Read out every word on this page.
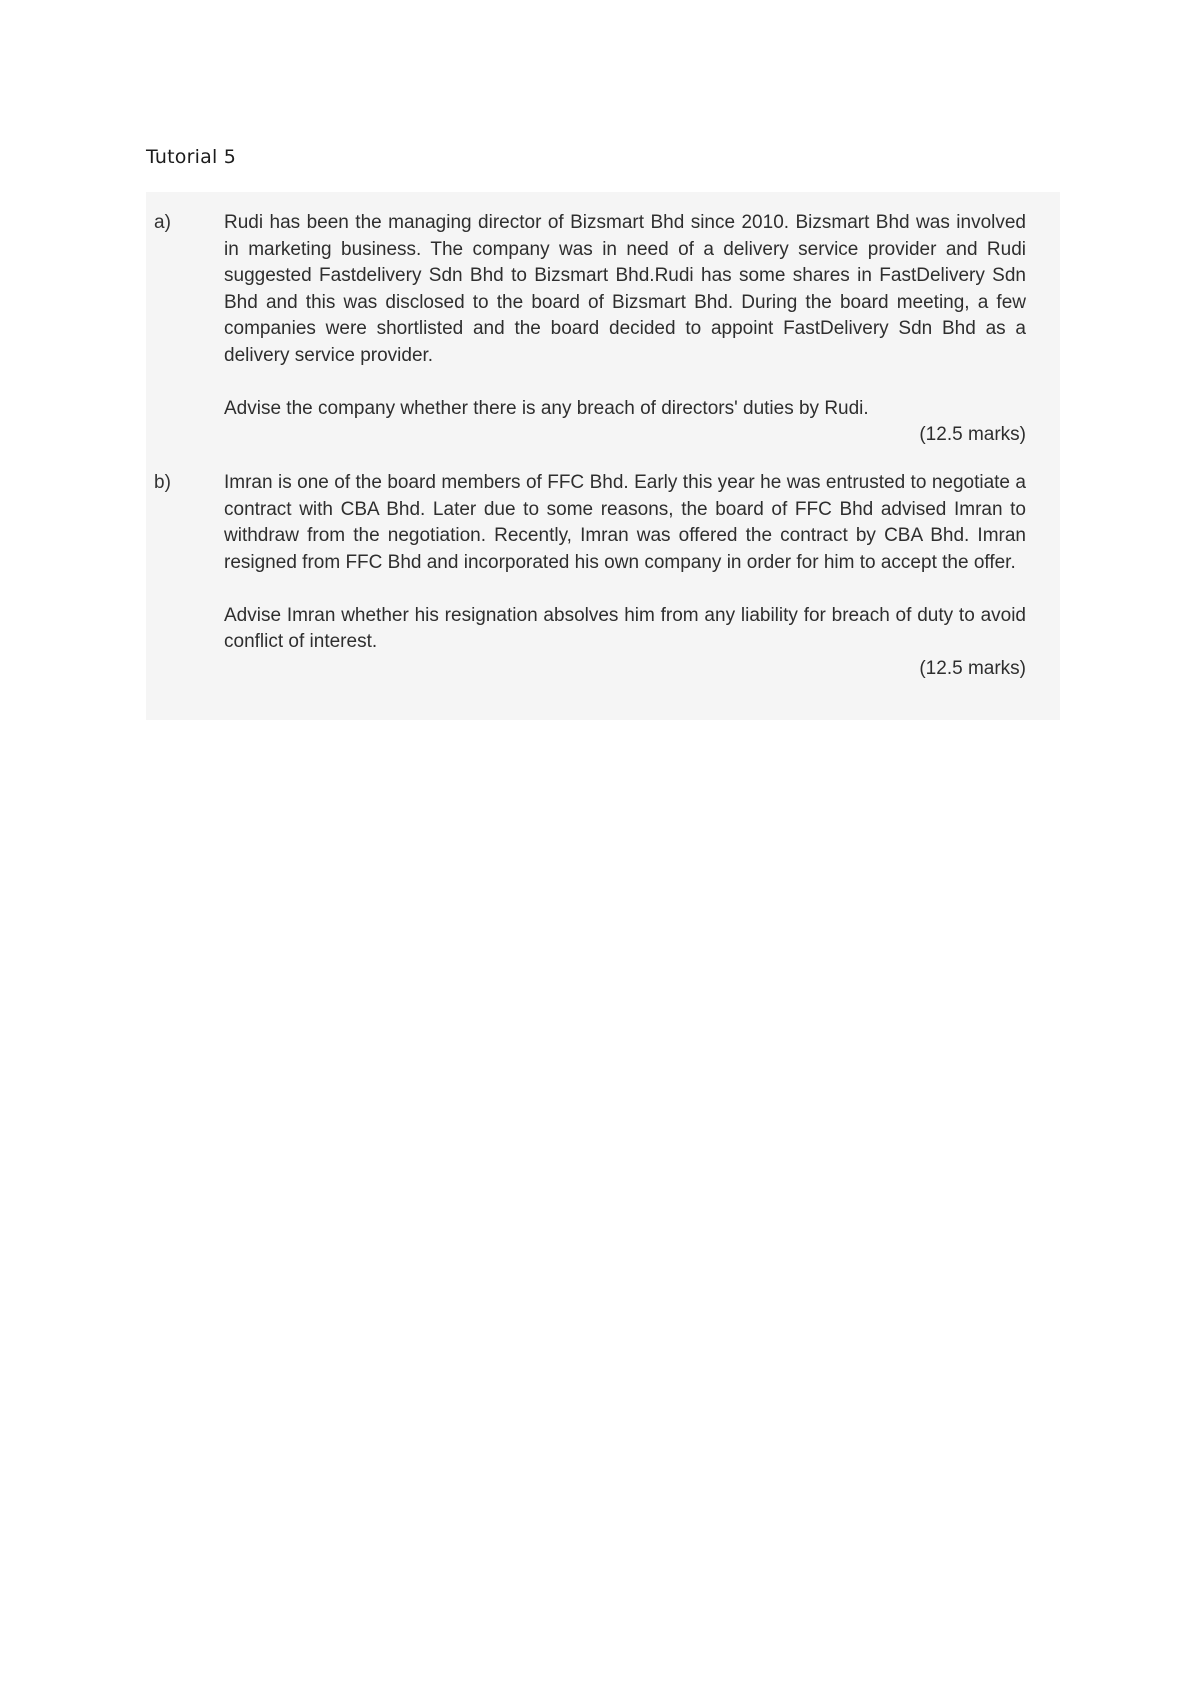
Tutorial 5
a)	Rudi has been the managing director of Bizsmart Bhd since 2010. Bizsmart Bhd was involved in marketing business. The company was in need of a delivery service provider and Rudi suggested Fastdelivery Sdn Bhd to Bizsmart Bhd.Rudi has some shares in FastDelivery Sdn Bhd and this was disclosed to the board of Bizsmart Bhd. During the board meeting, a few companies were shortlisted and the board decided to appoint FastDelivery Sdn Bhd as a delivery service provider.

Advise the company whether there is any breach of directors' duties by Rudi.

(12.5 marks)

b)	Imran is one of the board members of FFC Bhd. Early this year he was entrusted to negotiate a contract with CBA Bhd. Later due to some reasons, the board of FFC Bhd advised Imran to withdraw from the negotiation. Recently, Imran was offered the contract by CBA Bhd. Imran resigned from FFC Bhd and incorporated his own company in order for him to accept the offer.

Advise Imran whether his resignation absolves him from any liability for breach of duty to avoid conflict of interest.

(12.5 marks)
